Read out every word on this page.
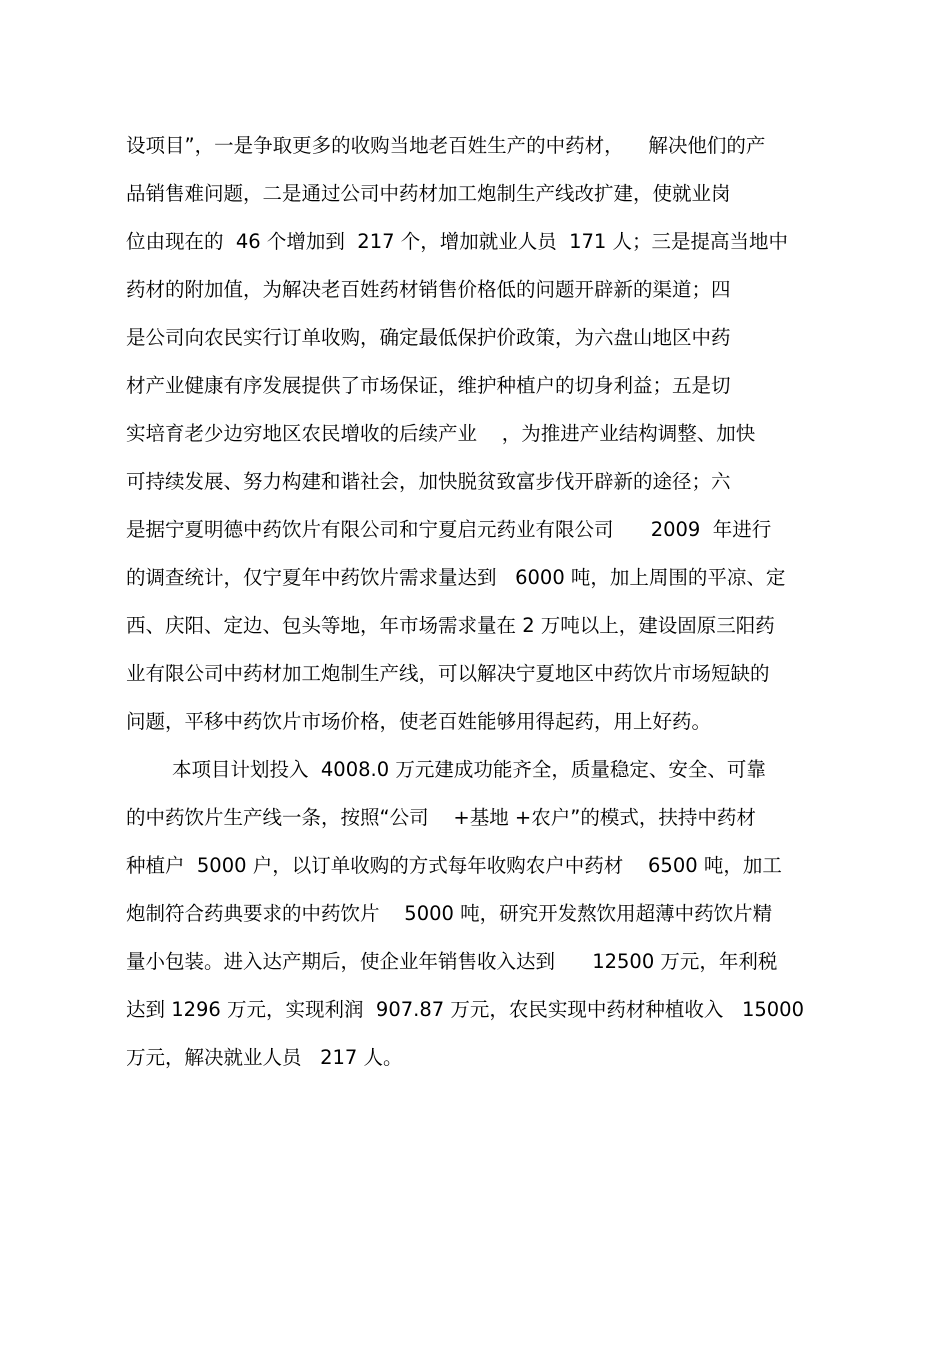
设项目”，一是争取更多的收购当地老百姓生产的中药材，    解决他们的产
品销售难问题，二是通过公司中药材加工炮制生产线改扩建，使就业岗
位由现在的  46 个增加到  217 个，增加就业人员  171 人；三是提高当地中
药材的附加值，为解决老百姓药材销售价格低的问题开辟新的渠道；四
是公司向农民实行订单收购，确定最低保护价政策，为六盘山地区中药
材产业健康有序发展提供了市场保证，维护种植户的切身利益；五是切
实培育老少边穷地区农民增收的后续产业    ，为推进产业结构调整、加快
可持续发展、努力构建和谐社会，加快脱贫致富步伐开辟新的途径；六
是据宁夏明德中药饮片有限公司和宁夏启元药业有限公司      2009  年进行
的调查统计，仅宁夏年中药饮片需求量达到   6000 吨，加上周围的平凉、定
西、庆阳、定边、包头等地，年市场需求量在 2 万吨以上，建设固原三阳药
业有限公司中药材加工炮制生产线，可以解决宁夏地区中药饮片市场短缺的
问题，平移中药饮片市场价格，使老百姓能够用得起药，用上好药。
本项目计划投入  4008.0 万元建成功能齐全，质量稳定、安全、可靠
的中药饮片生产线一条，按照“公司    +基地 +农户”的模式，扶持中药材
种植户  5000 户，以订单收购的方式每年收购农户中药材    6500 吨，加工
炮制符合药典要求的中药饮片    5000 吨，研究开发熬饮用超薄中药饮片精
量小包装。进入达产期后，使企业年销售收入达到      12500 万元，年利税
达到 1296 万元，实现利润  907.87 万元，农民实现中药材种植收入   15000
万元，解决就业人员   217 人。
